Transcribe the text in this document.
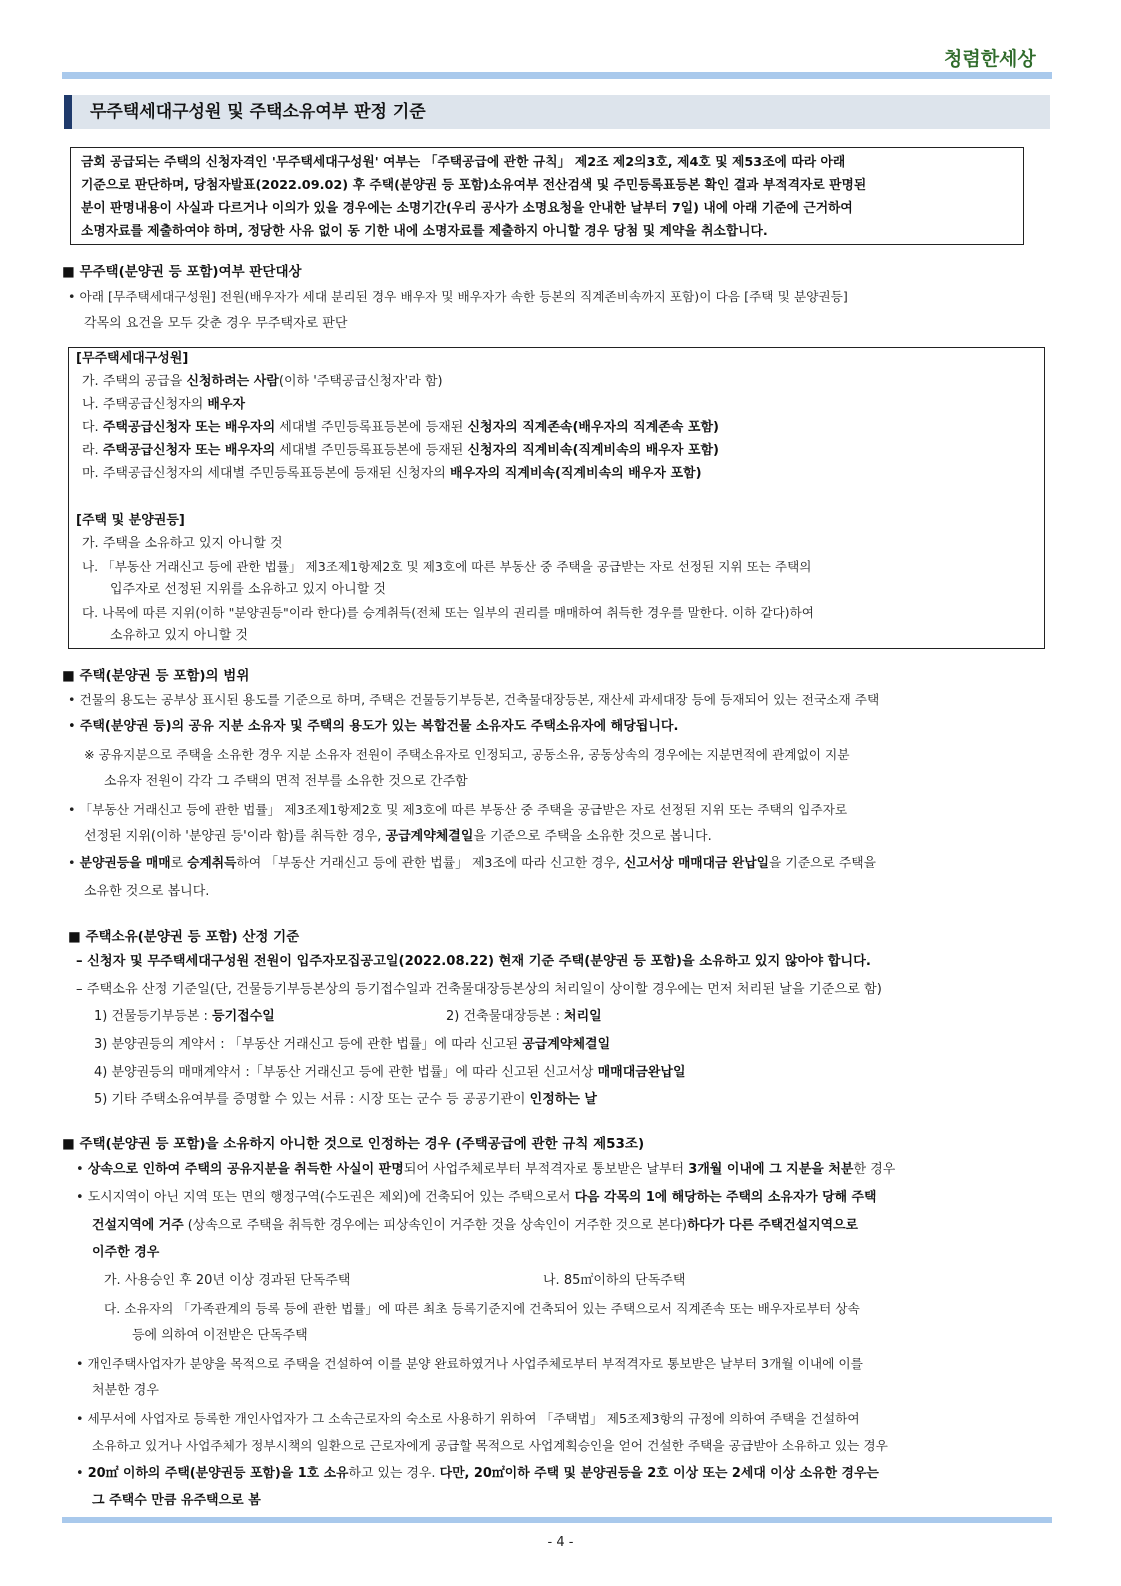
청렴한세상
무주택세대구성원 및 주택소유여부 판정 기준
금회 공급되는 주택의 신청자격인 '무주택세대구성원' 여부는 「주택공급에 관한 규칙」 제2조 제2의3호, 제4호 및 제53조에 따라 아래
기준으로 판단하며, 당첨자발표(2022.09.02) 후 주택(분양권 등 포함)소유여부 전산검색 및 주민등록표등본 확인 결과 부적격자로 판명된
분이 판명내용이 사실과 다르거나 이의가 있을 경우에는 소명기간(우리 공사가 소명요청을 안내한 날부터 7일) 내에 아래 기준에 근거하여
소명자료를 제출하여야 하며, 정당한 사유 없이 동 기한 내에 소명자료를 제출하지 아니할 경우 당첨 및 계약을 취소합니다.
■ 무주택(분양권 등 포함)여부 판단대상
• 아래 [무주택세대구성원] 전원(배우자가 세대 분리된 경우 배우자 및 배우자가 속한 등본의 직계존비속까지 포함)이 다음 [주택 및 분양권등]
각목의 요건을 모두 갖춘 경우 무주택자로 판단
[무주택세대구성원]
가. 주택의 공급을 신청하려는 사람(이하 '주택공급신청자'라 함)
나. 주택공급신청자의 배우자
다. 주택공급신청자 또는 배우자의 세대별 주민등록표등본에 등재된 신청자의 직계존속(배우자의 직계존속 포함)
라. 주택공급신청자 또는 배우자의 세대별 주민등록표등본에 등재된 신청자의 직계비속(직계비속의 배우자 포함)
마. 주택공급신청자의 세대별 주민등록표등본에 등재된 신청자의 배우자의 직계비속(직계비속의 배우자 포함)
[주택 및 분양권등]
가. 주택을 소유하고 있지 아니할 것
나. 「부동산 거래신고 등에 관한 법률」 제3조제1항제2호 및 제3호에 따른 부동산 중 주택을 공급받는 자로 선정된 지위 또는 주택의
입주자로 선정된 지위를 소유하고 있지 아니할 것
다. 나목에 따른 지위(이하 "분양권등"이라 한다)를 승계취득(전체 또는 일부의 권리를 매매하여 취득한 경우를 말한다. 이하 같다)하여
소유하고 있지 아니할 것
■ 주택(분양권 등 포함)의 범위
• 건물의 용도는 공부상 표시된 용도를 기준으로 하며, 주택은 건물등기부등본, 건축물대장등본, 재산세 과세대장 등에 등재되어 있는 전국소재 주택
• 주택(분양권 등)의 공유 지분 소유자 및 주택의 용도가 있는 복합건물 소유자도 주택소유자에 해당됩니다.
※ 공유지분으로 주택을 소유한 경우 지분 소유자 전원이 주택소유자로 인정되고, 공동소유, 공동상속의 경우에는 지분면적에 관계없이 지분
소유자 전원이 각각 그 주택의 면적 전부를 소유한 것으로 간주함
• 「부동산 거래신고 등에 관한 법률」 제3조제1항제2호 및 제3호에 따른 부동산 중 주택을 공급받은 자로 선정된 지위 또는 주택의 입주자로
선정된 지위(이하 '분양권 등'이라 함)를 취득한 경우, 공급계약체결일을 기준으로 주택을 소유한 것으로 봅니다.
• 분양권등을 매매로 승계취득하여 「부동산 거래신고 등에 관한 법률」 제3조에 따라 신고한 경우, 신고서상 매매대금 완납일을 기준으로 주택을
소유한 것으로 봅니다.
■ 주택소유(분양권 등 포함) 산정 기준
– 신청자 및 무주택세대구성원 전원이 입주자모집공고일(2022.08.22) 현재 기준 주택(분양권 등 포함)을 소유하고 있지 않아야 합니다.
– 주택소유 산정 기준일(단, 건물등기부등본상의 등기접수일과 건축물대장등본상의 처리일이 상이할 경우에는 먼저 처리된 날을 기준으로 함)
1) 건물등기부등본 : 등기접수일	2) 건축물대장등본 : 처리일
3) 분양권등의 계약서 : 「부동산 거래신고 등에 관한 법률」에 따라 신고된 공급계약체결일
4) 분양권등의 매매계약서 :「부동산 거래신고 등에 관한 법률」에 따라 신고된 신고서상 매매대금완납일
5) 기타 주택소유여부를 증명할 수 있는 서류 : 시장 또는 군수 등 공공기관이 인정하는 날
■ 주택(분양권 등 포함)을 소유하지 아니한 것으로 인정하는 경우 (주택공급에 관한 규칙 제53조)
• 상속으로 인하여 주택의 공유지분을 취득한 사실이 판명되어 사업주체로부터 부적격자로 통보받은 날부터 3개월 이내에 그 지분을 처분한 경우
• 도시지역이 아닌 지역 또는 면의 행정구역(수도권은 제외)에 건축되어 있는 주택으로서 다음 각목의 1에 해당하는 주택의 소유자가 당해 주택
건설지역에 거주 (상속으로 주택을 취득한 경우에는 피상속인이 거주한 것을 상속인이 거주한 것으로 본다)하다가 다른 주택건설지역으로
이주한 경우
가. 사용승인 후 20년 이상 경과된 단독주택	나. 85㎡이하의 단독주택
다. 소유자의 「가족관계의 등록 등에 관한 법률」에 따른 최초 등록기준지에 건축되어 있는 주택으로서 직계존속 또는 배우자로부터 상속
등에 의하여 이전받은 단독주택
• 개인주택사업자가 분양을 목적으로 주택을 건설하여 이를 분양 완료하였거나 사업주체로부터 부적격자로 통보받은 날부터 3개월 이내에 이를
처분한 경우
• 세무서에 사업자로 등록한 개인사업자가 그 소속근로자의 숙소로 사용하기 위하여 「주택법」 제5조제3항의 규정에 의하여 주택을 건설하여
소유하고 있거나 사업주체가 정부시책의 일환으로 근로자에게 공급할 목적으로 사업계획승인을 얻어 건설한 주택을 공급받아 소유하고 있는 경우
• 20㎡ 이하의 주택(분양권등 포함)을 1호 소유하고 있는 경우. 다만, 20㎡이하 주택 및 분양권등을 2호 이상 또는 2세대 이상 소유한 경우는
그 주택수 만큼 유주택으로 봄
- 4 -
